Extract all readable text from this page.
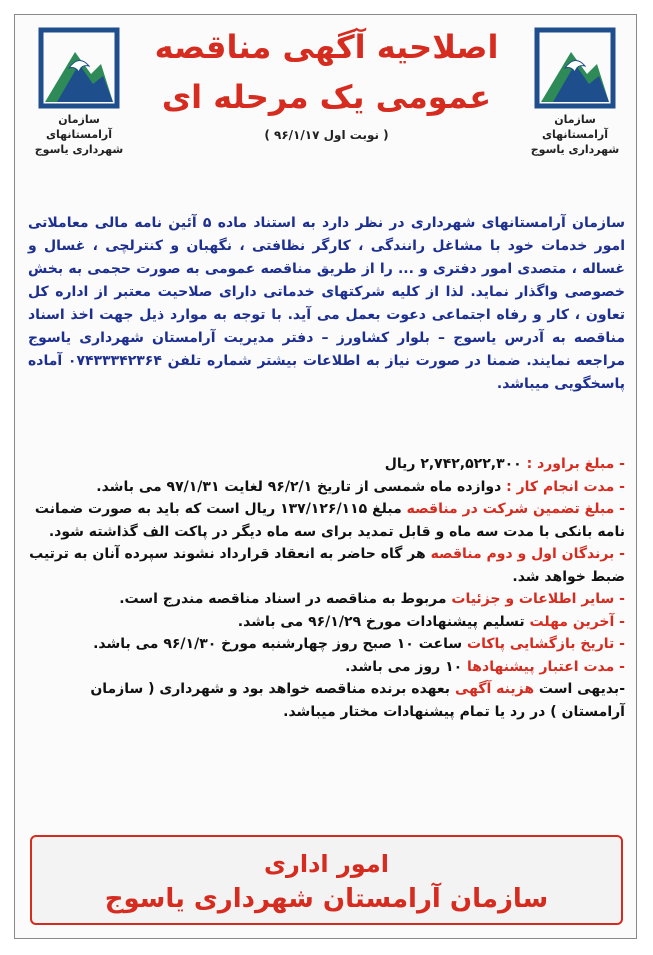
سازمان آرامستانهای شهرداری یاسوج
سازمان آرامستانهای شهرداری یاسوج
اصلاحیه آگهی مناقصه
عمومی یک مرحله ای
( نوبت اول ۹۶/۱/۱۷ )
سازمان آرامستانهای شهرداری در نظر دارد به استناد ماده ۵ آئین نامه مالی معاملاتی امور خدمات خود با مشاغل رانندگی ، کارگر نظافتی ، نگهبان و کنترلچی ، غسال و غساله ، متصدی امور دفتری و ... را از طریق مناقصه عمومی به صورت حجمی به بخش خصوصی واگذار نماید. لذا از کلیه شرکتهای خدماتی دارای صلاحیت معتبر از اداره کل تعاون ، کار و رفاه اجتماعی دعوت بعمل می آید. با توجه به موارد ذیل جهت اخذ اسناد مناقصه به آدرس یاسوج – بلوار کشاورز – دفتر مدیریت آرامستان شهرداری یاسوج مراجعه نمایند. ضمنا در صورت نیاز به اطلاعات بیشتر شماره تلفن ۰۷۴۳۳۳۴۲۳۶۴ آماده پاسخگویی میباشد.
- مبلغ براورد : ۲,۷۴۲,۵۲۲,۳۰۰ ریال
- مدت انجام کار : دوازده ماه شمسی از تاریخ ۹۶/۲/۱ لغایت ۹۷/۱/۳۱ می باشد.
- مبلغ تضمین شرکت در مناقصه مبلغ ۱۳۷/۱۲۶/۱۱۵ ریال است که باید به صورت ضمانت نامه بانکی با مدت سه ماه و قابل تمدید برای سه ماه دیگر در پاکت الف گذاشته شود.
- برندگان اول و دوم مناقصه هر گاه حاضر به انعقاد قرارداد نشوند سپرده آنان به ترتیب ضبط خواهد شد.
- سایر اطلاعات و جزئیات مربوط به مناقصه در اسناد مناقصه مندرج است.
- آخرین مهلت تسلیم پیشنهادات مورخ ۹۶/۱/۲۹ می باشد.
- تاریخ بازگشایی پاکات ساعت ۱۰ صبح روز چهارشنبه مورخ ۹۶/۱/۳۰ می باشد.
- مدت اعتبار پیشنهادها ۱۰ روز می باشد.
-بدیهی است هزینه آگهی بعهده برنده مناقصه خواهد بود و شهرداری ( سازمان آرامستان ) در رد یا تمام پیشنهادات مختار میباشد.
امور اداری
سازمان آرامستان شهرداری یاسوج
